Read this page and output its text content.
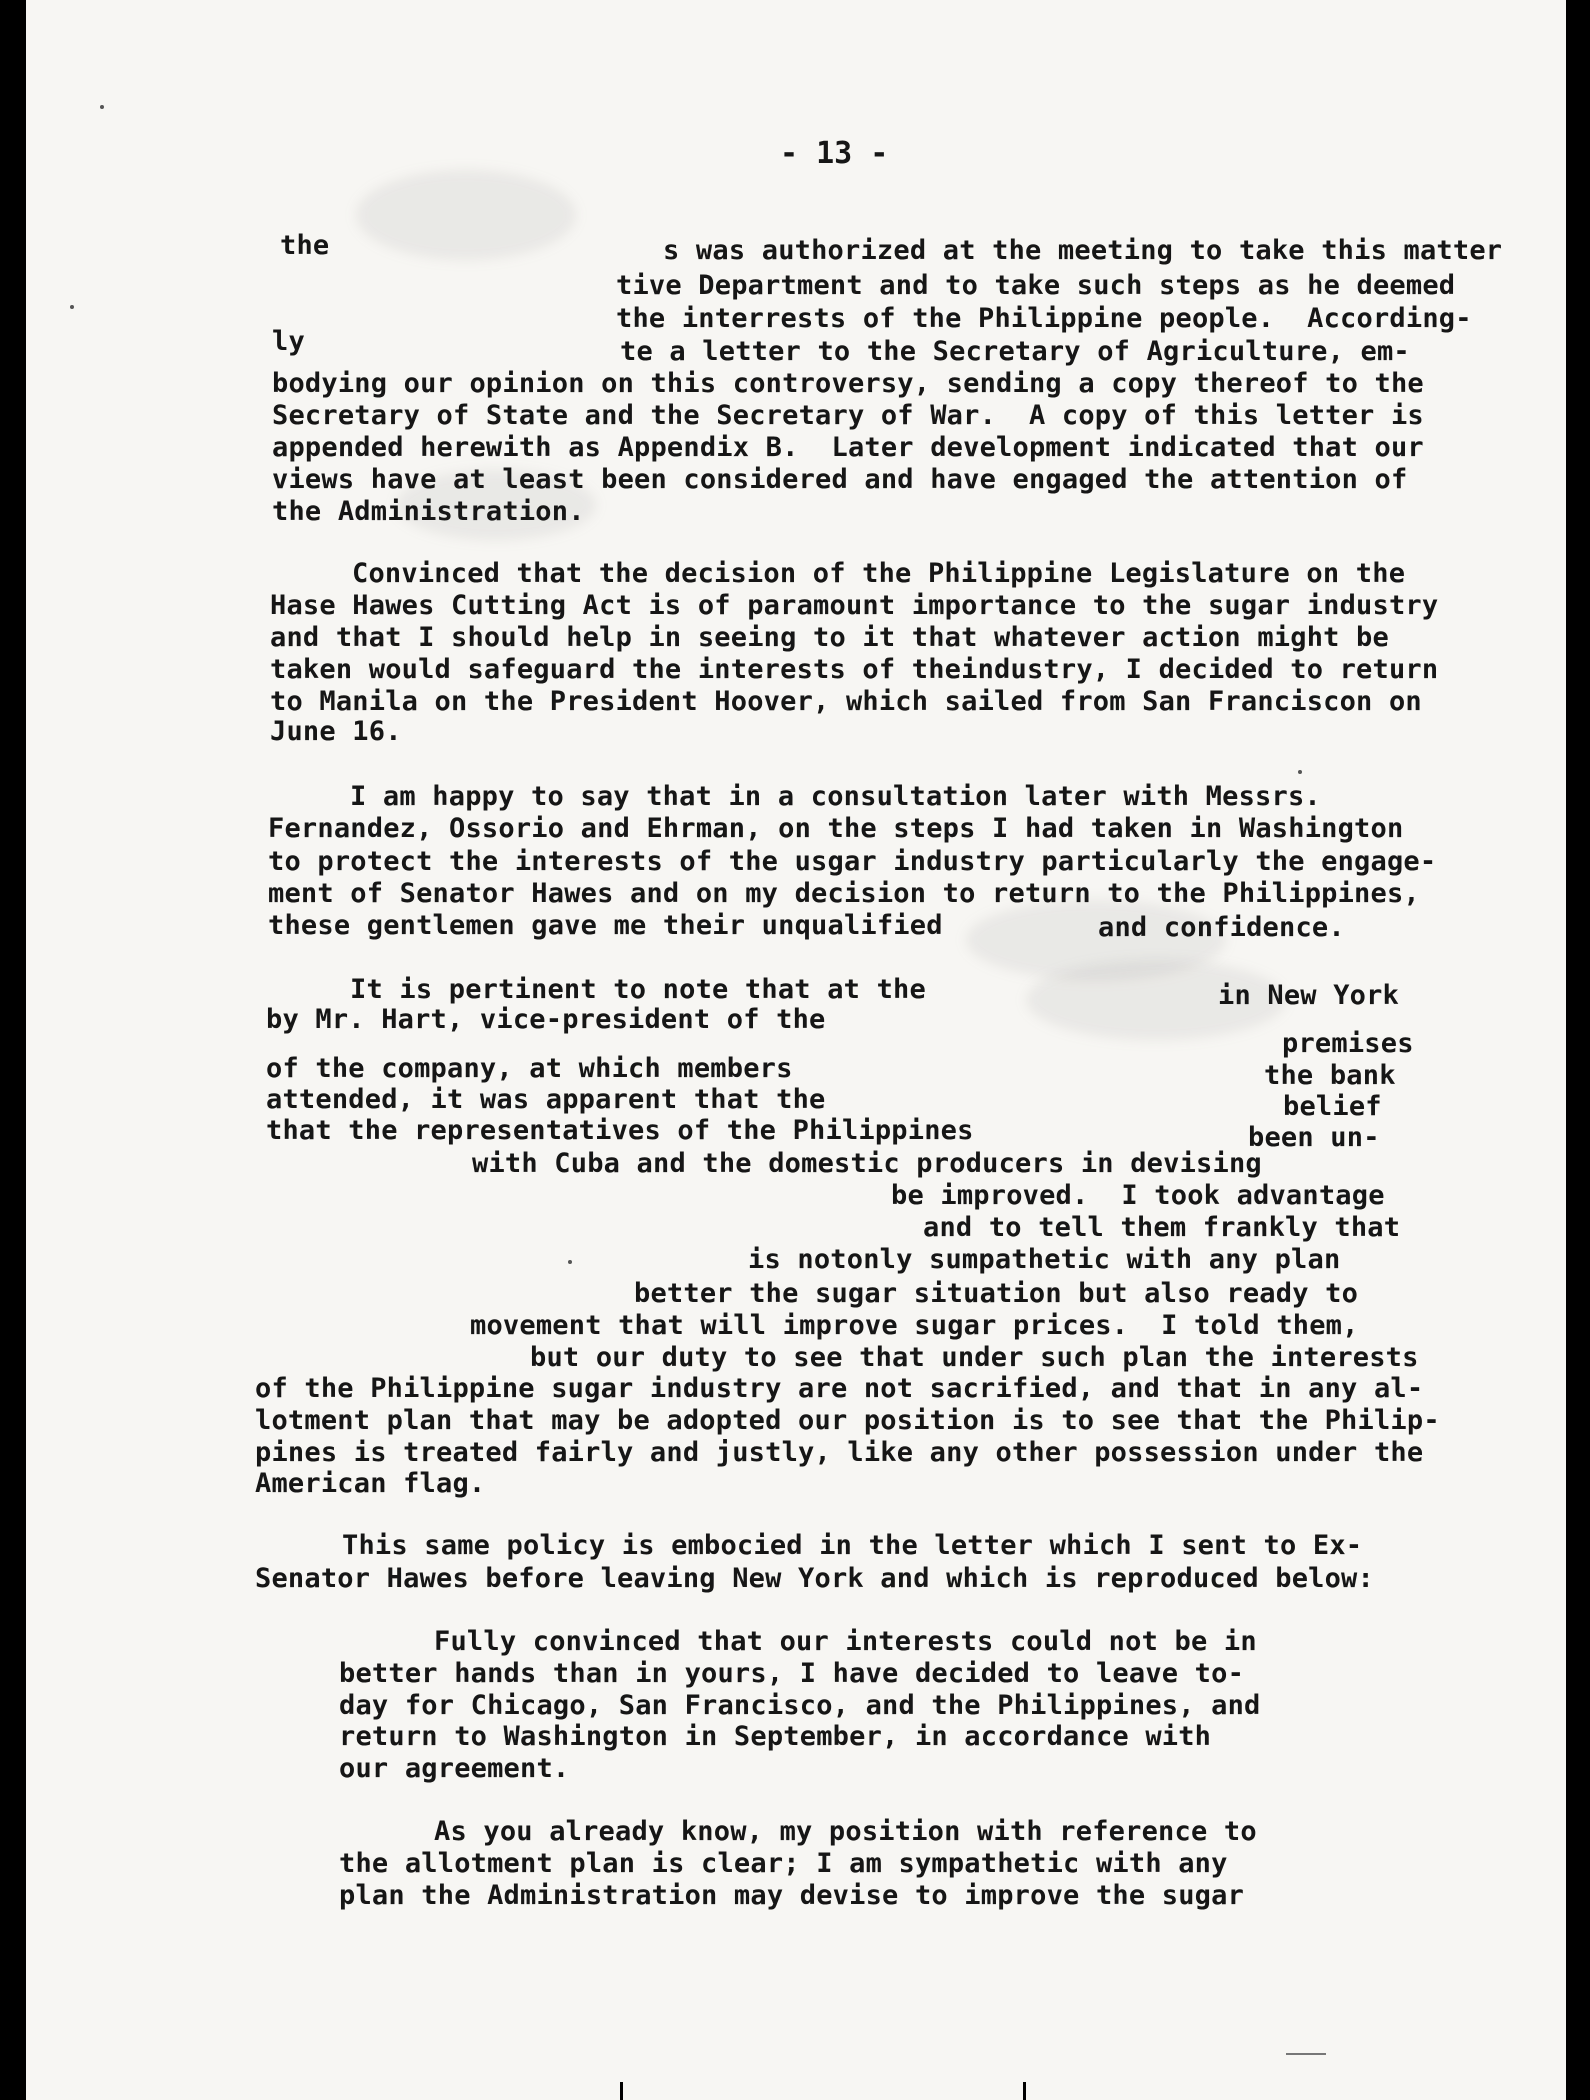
- 13 -
the	s was authorized at the meeting to take this matter
tive Department and to take such steps as he deemed
the interrests of the Philippine people.  According-
ly	te a letter to the Secretary of Agriculture, em-
bodying our opinion on this controversy, sending a copy thereof to the
Secretary of State and the Secretary of War.  A copy of this letter is
appended herewith as Appendix B.  Later development indicated that our
views have at least been considered and have engaged the attention of
the Administration.
Convinced that the decision of the Philippine Legislature on the
Hase Hawes Cutting Act is of paramount importance to the sugar industry
and that I should help in seeing to it that whatever action might be
taken would safeguard the interests of theindustry, I decided to return
to Manila on the President Hoover, which sailed from San Franciscon on
June 16.
I am happy to say that in a consultation later with Messrs.
Fernandez, Ossorio and Ehrman, on the steps I had taken in Washington
to protect the interests of the usgar industry particularly the engage-
ment of Senator Hawes and on my decision to return to the Philippines,
these gentlemen gave me their unqualified	and confidence.
It is pertinent to note that at the	in New York
by Mr. Hart, vice-president of the
premises
of the company, at which members	the bank
attended, it was apparent that the	belief
that the representatives of the Philippines	been un-
with Cuba and the domestic producers in devising
be improved.  I took advantage
and to tell them frankly that
is notonly sumpathetic with any plan
better the sugar situation but also ready to
movement that will improve sugar prices.  I told them,
but our duty to see that under such plan the interests
of the Philippine sugar industry are not sacrified, and that in any al-
lotment plan that may be adopted our position is to see that the Philip-
pines is treated fairly and justly, like any other possession under the
American flag.
This same policy is embocied in the letter which I sent to Ex-
Senator Hawes before leaving New York and which is reproduced below:
Fully convinced that our interests could not be in
better hands than in yours, I have decided to leave to-
day for Chicago, San Francisco, and the Philippines, and
return to Washington in September, in accordance with
our agreement.
As you already know, my position with reference to
the allotment plan is clear; I am sympathetic with any
plan the Administration may devise to improve the sugar
